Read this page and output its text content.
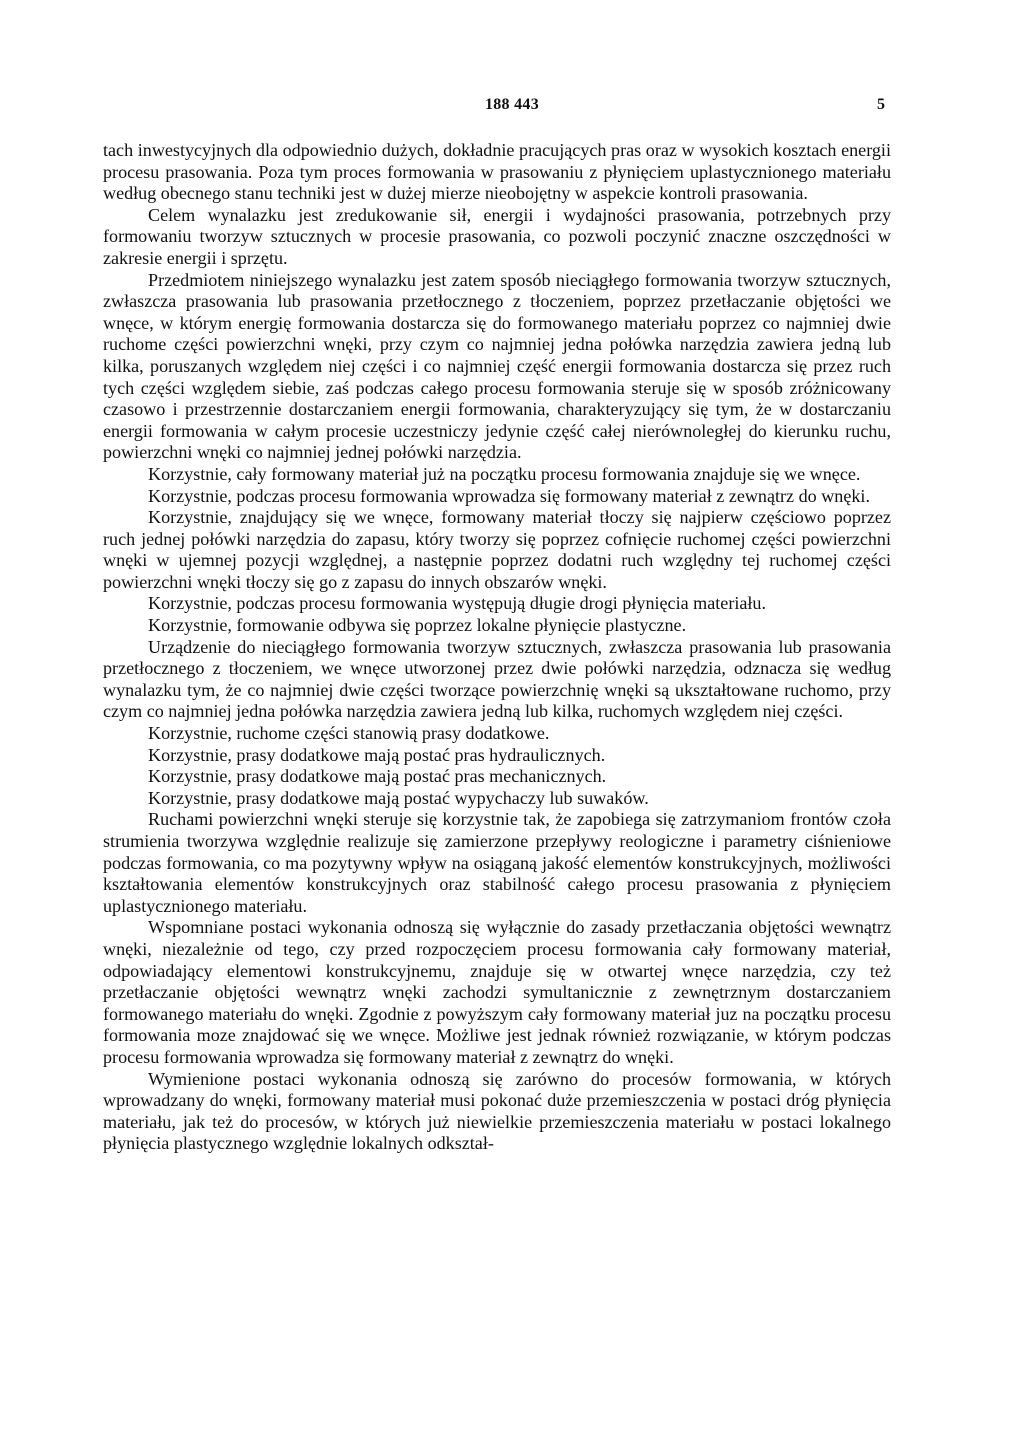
188 443	5

tach inwestycyjnych dla odpowiednio dużych, dokładnie pracujących pras oraz w wysokich kosztach energii procesu prasowania. Poza tym proces formowania w prasowaniu z płynięciem uplastycznionego materiału według obecnego stanu techniki jest w dużej mierze nieobojętny w aspekcie kontroli prasowania.

Celem wynalazku jest zredukowanie sił, energii i wydajności prasowania, potrzebnych przy formowaniu tworzyw sztucznych w procesie prasowania, co pozwoli poczynić znaczne oszczędności w zakresie energii i sprzętu.

Przedmiotem niniejszego wynalazku jest zatem sposób nieciągłego formowania tworzyw sztucznych, zwłaszcza prasowania lub prasowania przetłocznego z tłoczeniem, poprzez przetłaczanie objętości we wnęce, w którym energię formowania dostarcza się do formowanego materiału poprzez co najmniej dwie ruchome części powierzchni wnęki, przy czym co najmniej jedna połówka narzędzia zawiera jedną lub kilka, poruszanych względem niej części i co najmniej część energii formowania dostarcza się przez ruch tych części względem siebie, zaś podczas całego procesu formowania steruje się w sposób zróżnicowany czasowo i przestrzennie dostarczaniem energii formowania, charakteryzujący się tym, że w dostarczaniu energii formowania w całym procesie uczestniczy jedynie część całej nierównoległej do kierunku ruchu, powierzchni wnęki co najmniej jednej połówki narzędzia.

Korzystnie, cały formowany materiał już na początku procesu formowania znajduje się we wnęce.

Korzystnie, podczas procesu formowania wprowadza się formowany materiał z zewnątrz do wnęki.

Korzystnie, znajdujący się we wnęce, formowany materiał tłoczy się najpierw częściowo poprzez ruch jednej połówki narzędzia do zapasu, który tworzy się poprzez cofnięcie ruchomej części powierzchni wnęki w ujemnej pozycji względnej, a następnie poprzez dodatni ruch względny tej ruchomej części powierzchni wnęki tłoczy się go z zapasu do innych obszarów wnęki.

Korzystnie, podczas procesu formowania występują długie drogi płynięcia materiału.

Korzystnie, formowanie odbywa się poprzez lokalne płynięcie plastyczne.

Urządzenie do nieciągłego formowania tworzyw sztucznych, zwłaszcza prasowania lub prasowania przetłocznego z tłoczeniem, we wnęce utworzonej przez dwie połówki narzędzia, odznacza się według wynalazku tym, że co najmniej dwie części tworzące powierzchnię wnęki są ukształtowane ruchomo, przy czym co najmniej jedna połówka narzędzia zawiera jedną lub kilka, ruchomych względem niej części.

Korzystnie, ruchome części stanowią prasy dodatkowe.

Korzystnie, prasy dodatkowe mają postać pras hydraulicznych.

Korzystnie, prasy dodatkowe mają postać pras mechanicznych.

Korzystnie, prasy dodatkowe mają postać wypychaczy lub suwaków.

Ruchami powierzchni wnęki steruje się korzystnie tak, że zapobiega się zatrzymaniom frontów czoła strumienia tworzywa względnie realizuje się zamierzone przepływy reologiczne i parametry ciśnieniowe podczas formowania, co ma pozytywny wpływ na osiąganą jakość elementów konstrukcyjnych, możliwości kształtowania elementów konstrukcyjnych oraz stabilność całego procesu prasowania z płynięciem uplastycznionego materiału.

Wspomniane postaci wykonania odnoszą się wyłącznie do zasady przetłaczania objętości wewnątrz wnęki, niezależnie od tego, czy przed rozpoczęciem procesu formowania cały formowany materiał, odpowiadający elementowi konstrukcyjnemu, znajduje się w otwartej wnęce narzędzia, czy też przetłaczanie objętości wewnątrz wnęki zachodzi symultanicznie z zewnętrznym dostarczaniem formowanego materiału do wnęki. Zgodnie z powyższym cały formowany materiał juz na początku procesu formowania moze znajdować się we wnęce. Możliwe jest jednak również rozwiązanie, w którym podczas procesu formowania wprowadza się formowany materiał z zewnątrz do wnęki.

Wymienione postaci wykonania odnoszą się zarówno do procesów formowania, w których wprowadzany do wnęki, formowany materiał musi pokonać duże przemieszczenia w postaci dróg płynięcia materiału, jak też do procesów, w których już niewielkie przemieszczenia materiału w postaci lokalnego płynięcia plastycznego względnie lokalnych odkształ-
